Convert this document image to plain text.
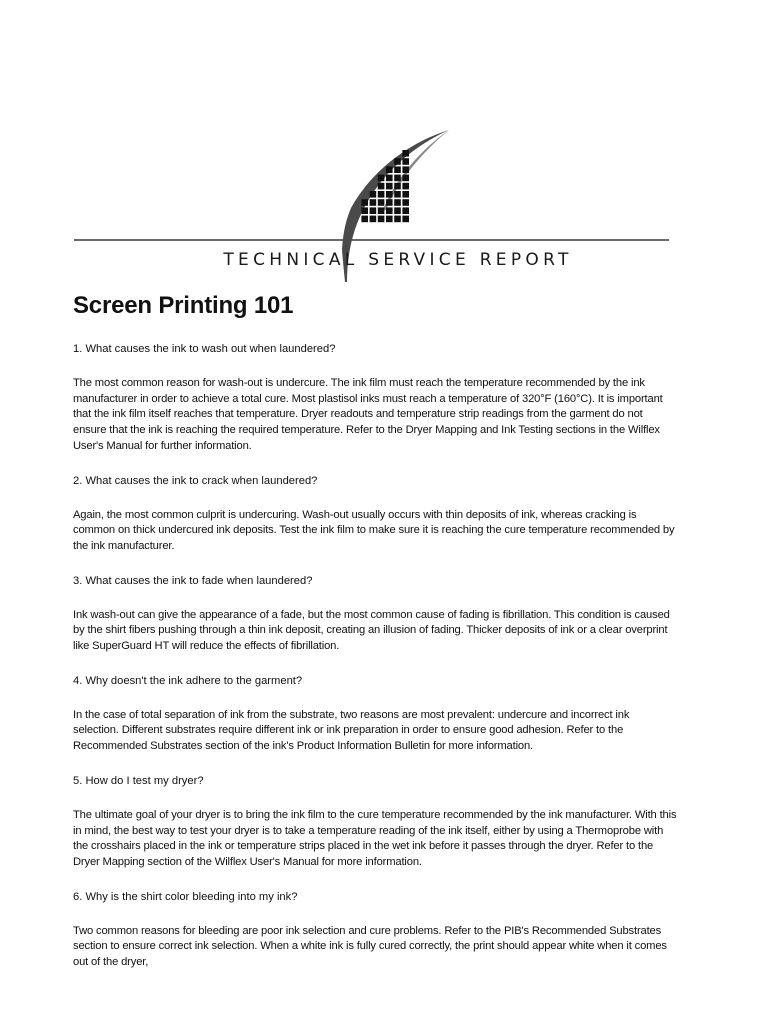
TECHNICAL SERVICE REPORT
Screen Printing 101

1. What causes the ink to wash out when laundered?

The most common reason for wash-out is undercure. The ink film must reach the temperature recommended by the ink manufacturer in order to achieve a total cure. Most plastisol inks must reach a temperature of 320°F (160°C). It is important that the ink film itself reaches that temperature. Dryer readouts and temperature strip readings from the garment do not ensure that the ink is reaching the required temperature. Refer to the Dryer Mapping and Ink Testing sections in the Wilflex User's Manual for further information.

2. What causes the ink to crack when laundered?

Again, the most common culprit is undercuring. Wash-out usually occurs with thin deposits of ink, whereas cracking is common on thick undercured ink deposits. Test the ink film to make sure it is reaching the cure temperature recommended by the ink manufacturer.

3. What causes the ink to fade when laundered?

Ink wash-out can give the appearance of a fade, but the most common cause of fading is fibrillation. This condition is caused by the shirt fibers pushing through a thin ink deposit, creating an illusion of fading. Thicker deposits of ink or a clear overprint like SuperGuard HT will reduce the effects of fibrillation.

4. Why doesn't the ink adhere to the garment?

In the case of total separation of ink from the substrate, two reasons are most prevalent: undercure and incorrect ink selection. Different substrates require different ink or ink preparation in order to ensure good adhesion. Refer to the Recommended Substrates section of the ink's Product Information Bulletin for more information.

5. How do I test my dryer?

The ultimate goal of your dryer is to bring the ink film to the cure temperature recommended by the ink manufacturer. With this in mind, the best way to test your dryer is to take a temperature reading of the ink itself, either by using a Thermoprobe with the crosshairs placed in the ink or temperature strips placed in the wet ink before it passes through the dryer. Refer to the Dryer Mapping section of the Wilflex User's Manual for more information.

6. Why is the shirt color bleeding into my ink?

Two common reasons for bleeding are poor ink selection and cure problems. Refer to the PIB's Recommended Substrates section to ensure correct ink selection. When a white ink is fully cured correctly, the print should appear white when it comes out of the dryer,
